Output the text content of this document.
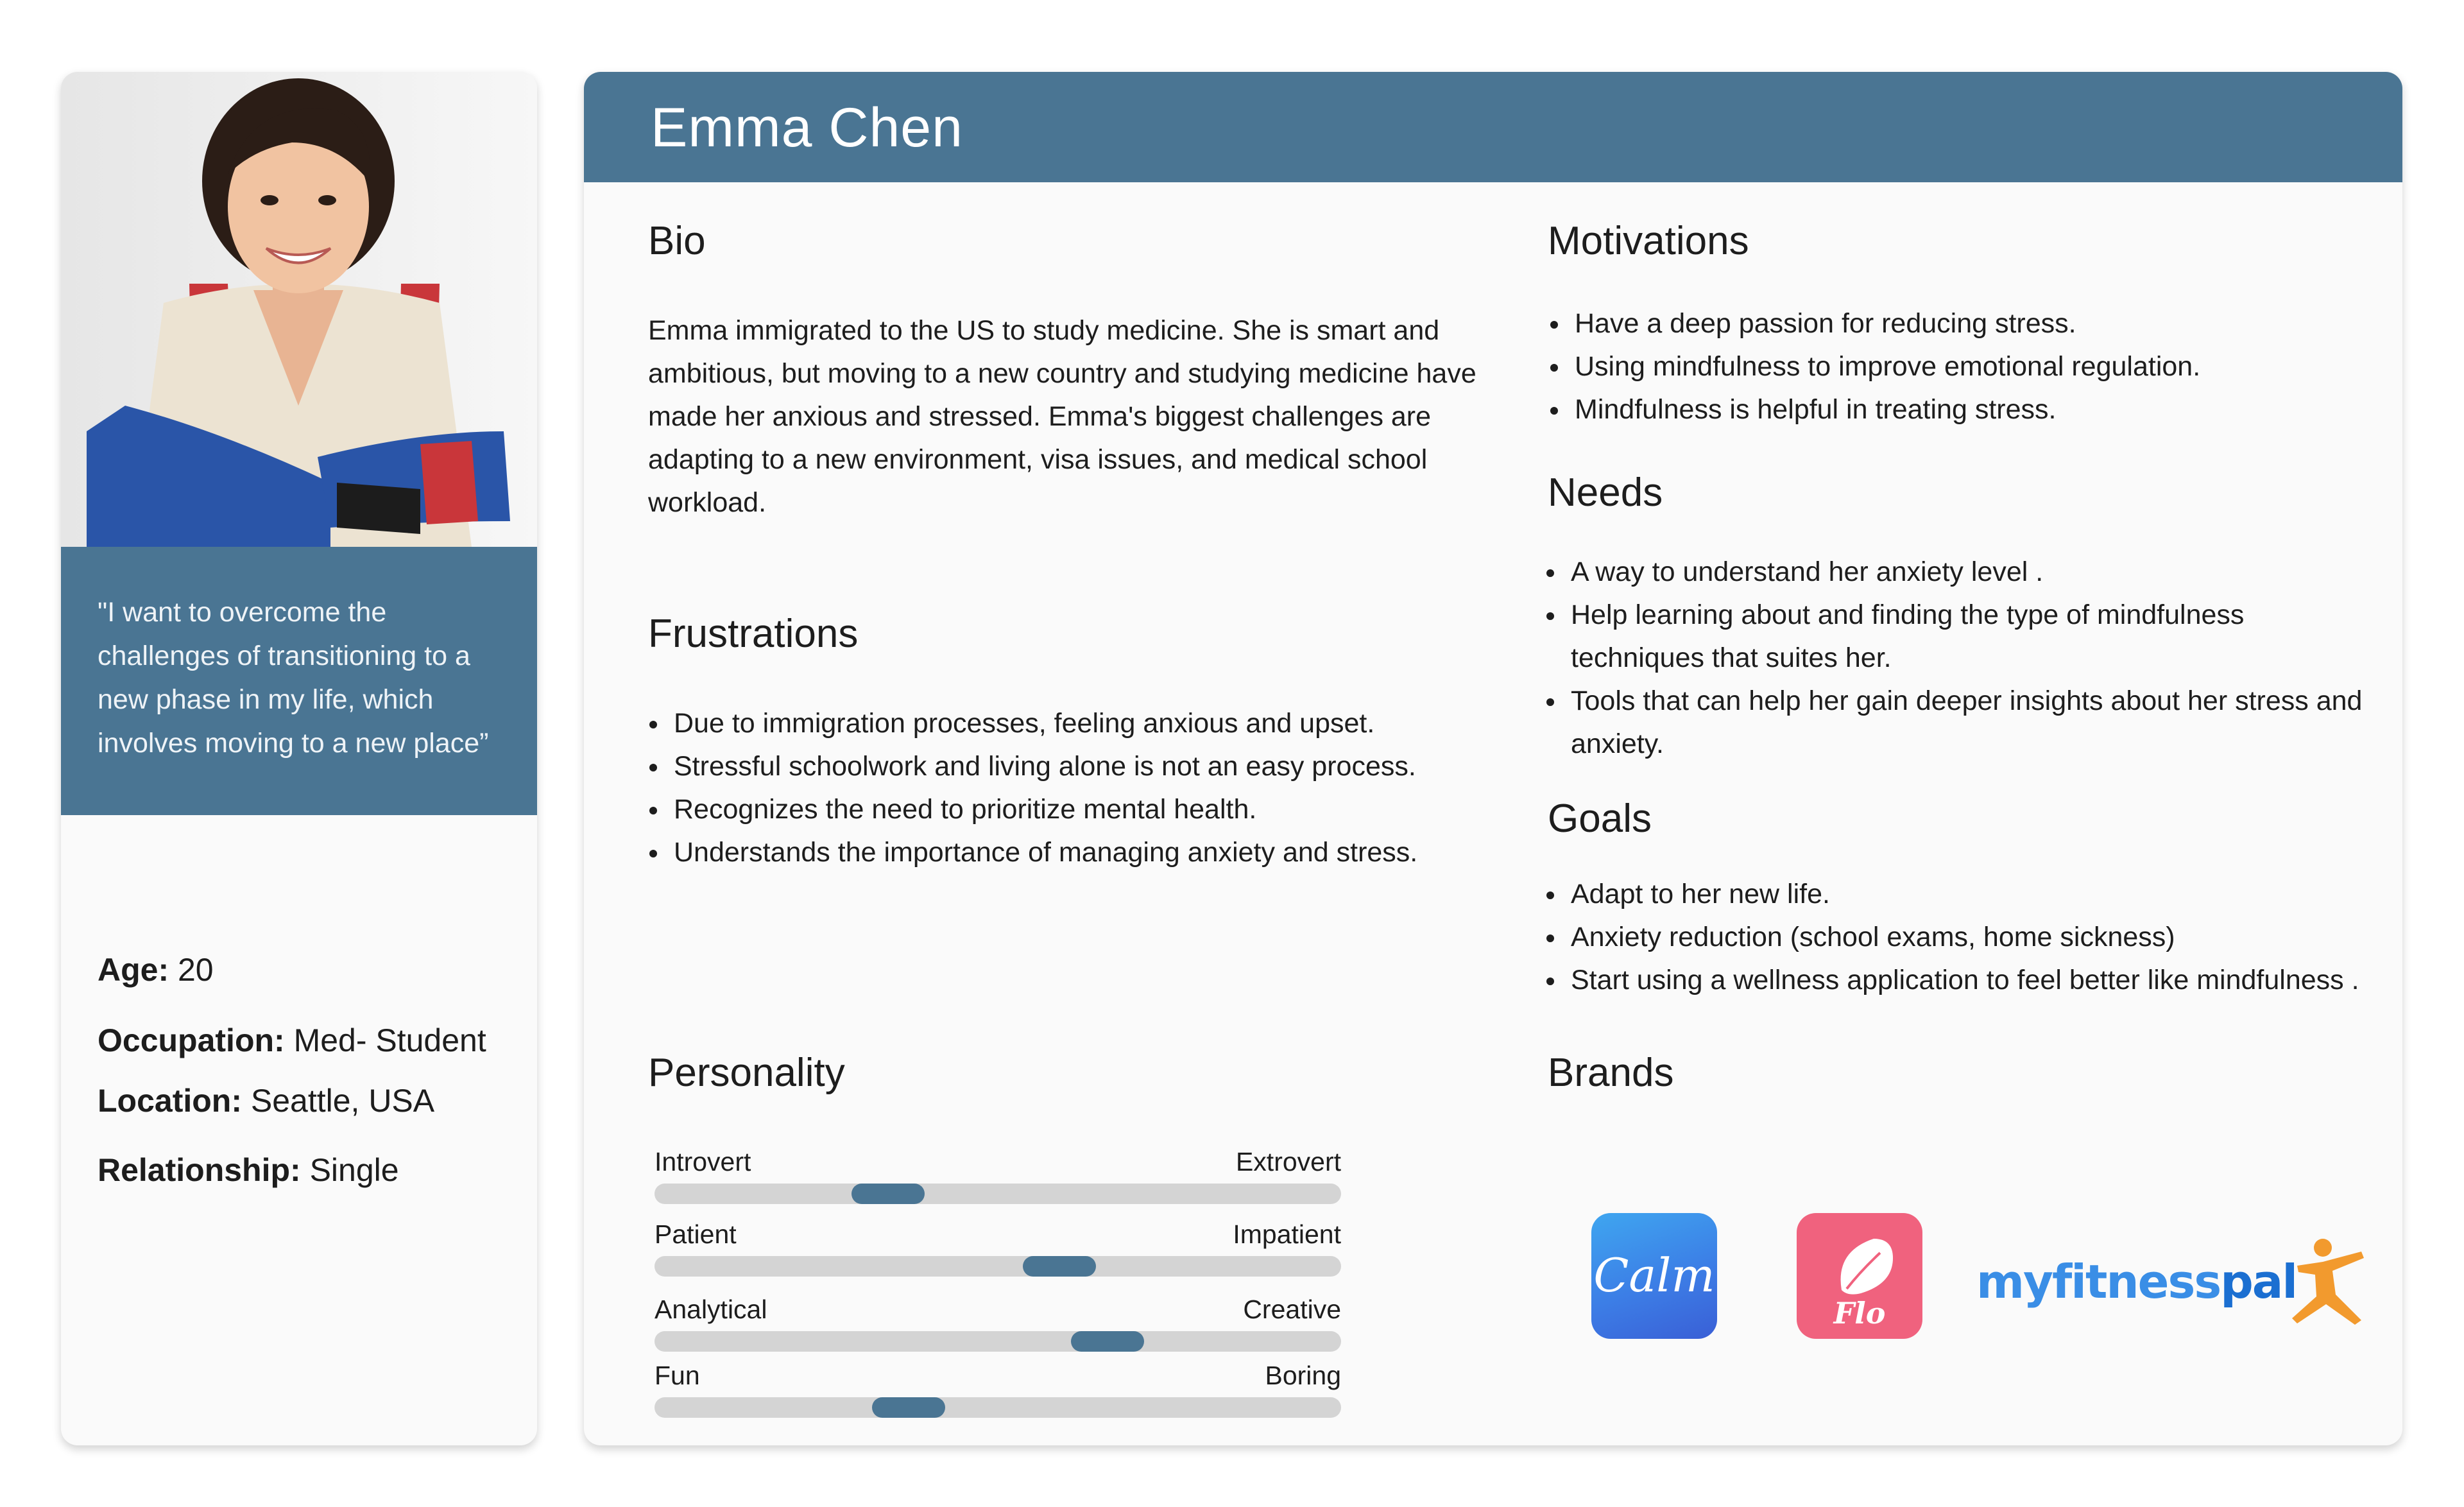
"I want to overcome the challenges of transitioning to a new phase in my life, which involves moving to a new place”
Age: 20
Occupation: Med- Student
Location: Seattle, USA
Relationship: Single
Emma Chen
Bio
Emma immigrated to the US to study medicine. She is smart and ambitious, but moving to a new country and studying medicine have made her anxious and stressed. Emma's biggest challenges are adapting to a new environment, visa issues, and medical school workload.
Frustrations
Due to immigration processes, feeling anxious and upset.
Stressful schoolwork and living alone is not an easy process.
Recognizes the need to prioritize mental health.
Understands the importance of managing anxiety and stress.
Motivations
Have a deep passion for reducing stress.
Using mindfulness to improve emotional regulation.
Mindfulness is helpful in treating stress.
Needs
A way to understand her anxiety level .
Help learning about and finding the type of mindfulness techniques that suites her.
Tools that can help her gain deeper insights about her stress and anxiety.
Goals
Adapt to her new life.
Anxiety reduction (school exams, home sickness)
Start using a wellness application to feel better like mindfulness .
Personality
Introvert	Extrovert
Patient	Impatient
Analytical	Creative
Fun	Boring
Brands
Calm
Flo
myfitnesspal
